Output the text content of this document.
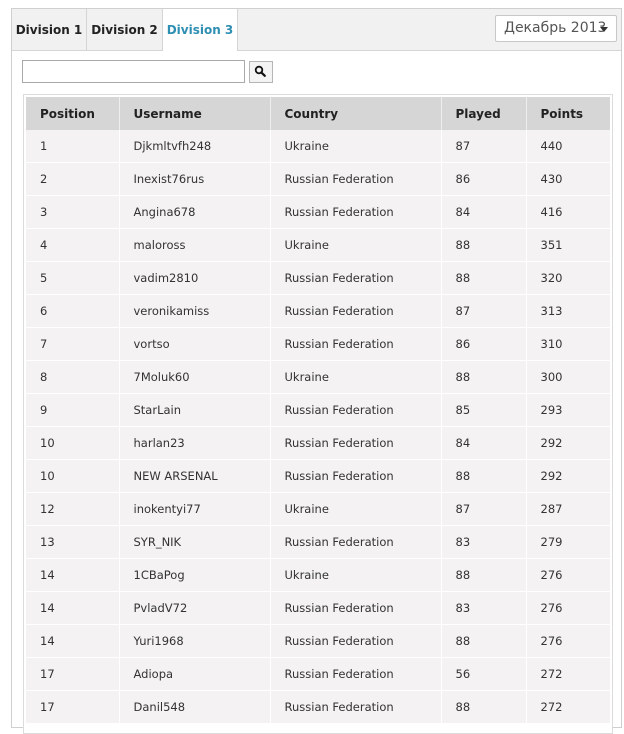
Division 1 Division 2 Division 3	Декабрь 2013
Position	Username	Country	Played	Points
1	Djkmltvfh248	Ukraine	87	440
2	Inexist76rus	Russian Federation	86	430
3	Angina678	Russian Federation	84	416
4	maloross	Ukraine	88	351
5	vadim2810	Russian Federation	88	320
6	veronikamiss	Russian Federation	87	313
7	vortso	Russian Federation	86	310
8	7Moluk60	Ukraine	88	300
9	StarLain	Russian Federation	85	293
10	harlan23	Russian Federation	84	292
10	NEW ARSENAL	Russian Federation	88	292
12	inokentyi77	Ukraine	87	287
13	SYR_NIK	Russian Federation	83	279
14	1CBaPog	Ukraine	88	276
14	PvladV72	Russian Federation	83	276
14	Yuri1968	Russian Federation	88	276
17	Adiopa	Russian Federation	56	272
17	Danil548	Russian Federation	88	272
